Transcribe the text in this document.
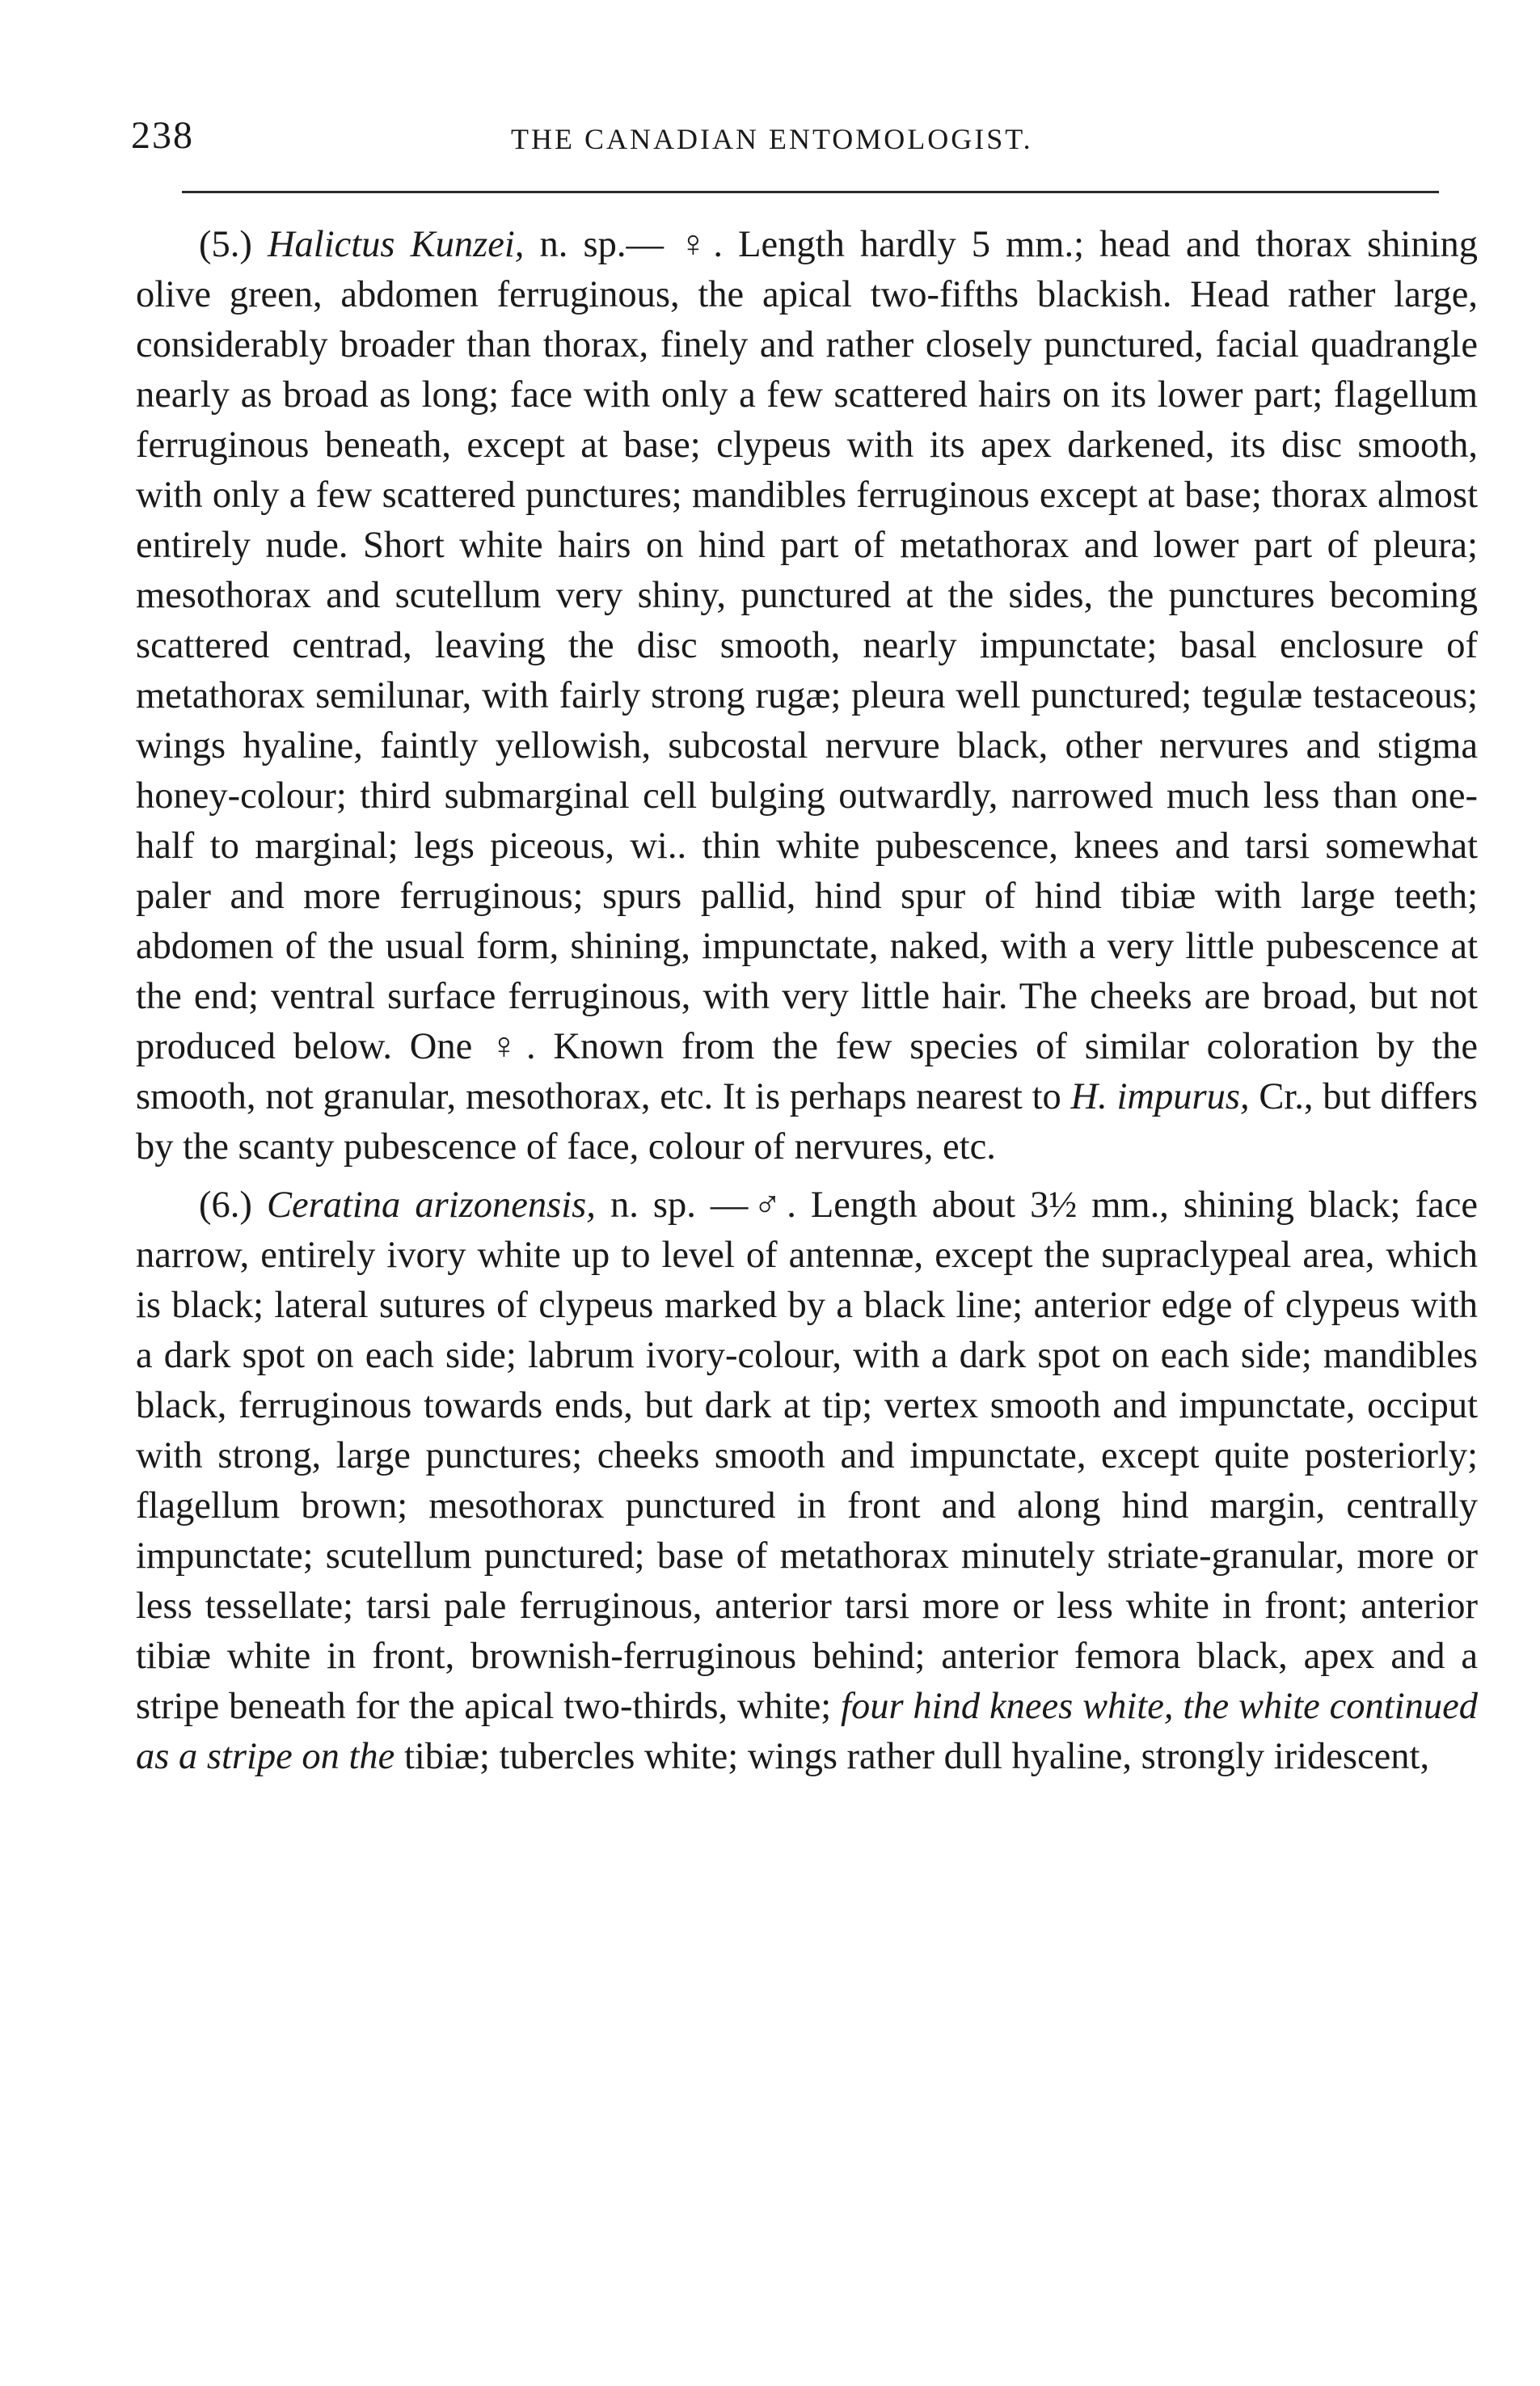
238	THE CANADIAN ENTOMOLOGIST.

(5.) Halictus Kunzei, n. sp.— ♀. Length hardly 5 mm.; head and thorax shining olive green, abdomen ferruginous, the apical two-fifths blackish. Head rather large, considerably broader than thorax, finely and rather closely punctured, facial quadrangle nearly as broad as long; face with only a few scattered hairs on its lower part; flagellum ferruginous beneath, except at base; clypeus with its apex darkened, its disc smooth, with only a few scattered punctures; mandibles ferruginous except at base; thorax almost entirely nude. Short white hairs on hind part of metathorax and lower part of pleura; mesothorax and scutellum very shiny, punctured at the sides, the punctures becoming scattered centrad, leaving the disc smooth, nearly impunctate; basal enclosure of metathorax semilunar, with fairly strong rugæ; pleura well punctured; tegulæ testaceous; wings hyaline, faintly yellowish, subcostal nervure black, other nervures and stigma honey-colour; third submarginal cell bulging outwardly, narrowed much less than one-half to marginal; legs piceous, wi.. thin white pubescence, knees and tarsi somewhat paler and more ferruginous; spurs pallid, hind spur of hind tibiæ with large teeth; abdomen of the usual form, shining, impunctate, naked, with a very little pubescence at the end; ventral surface ferruginous, with very little hair. The cheeks are broad, but not produced below. One ♀. Known from the few species of similar coloration by the smooth, not granular, mesothorax, etc. It is perhaps nearest to H. impurus, Cr., but differs by the scanty pubescence of face, colour of nervures, etc.

(6.) Ceratina arizonensis, n. sp. —♂. Length about 3½ mm., shining black; face narrow, entirely ivory white up to level of antennæ, except the supraclypeal area, which is black; lateral sutures of clypeus marked by a black line; anterior edge of clypeus with a dark spot on each side; labrum ivory-colour, with a dark spot on each side; mandibles black, ferruginous towards ends, but dark at tip; vertex smooth and impunctate, occiput with strong, large punctures; cheeks smooth and impunctate, except quite posteriorly; flagellum brown; mesothorax punctured in front and along hind margin, centrally impunctate; scutellum punctured; base of metathorax minutely striate-granular, more or less tessellate; tarsi pale ferruginous, anterior tarsi more or less white in front; anterior tibiæ white in front, brownish-ferruginous behind; anterior femora black, apex and a stripe beneath for the apical two-thirds, white; four hind knees white, the white continued as a stripe on the tibiæ; tubercles white; wings rather dull hyaline, strongly iridescent,
